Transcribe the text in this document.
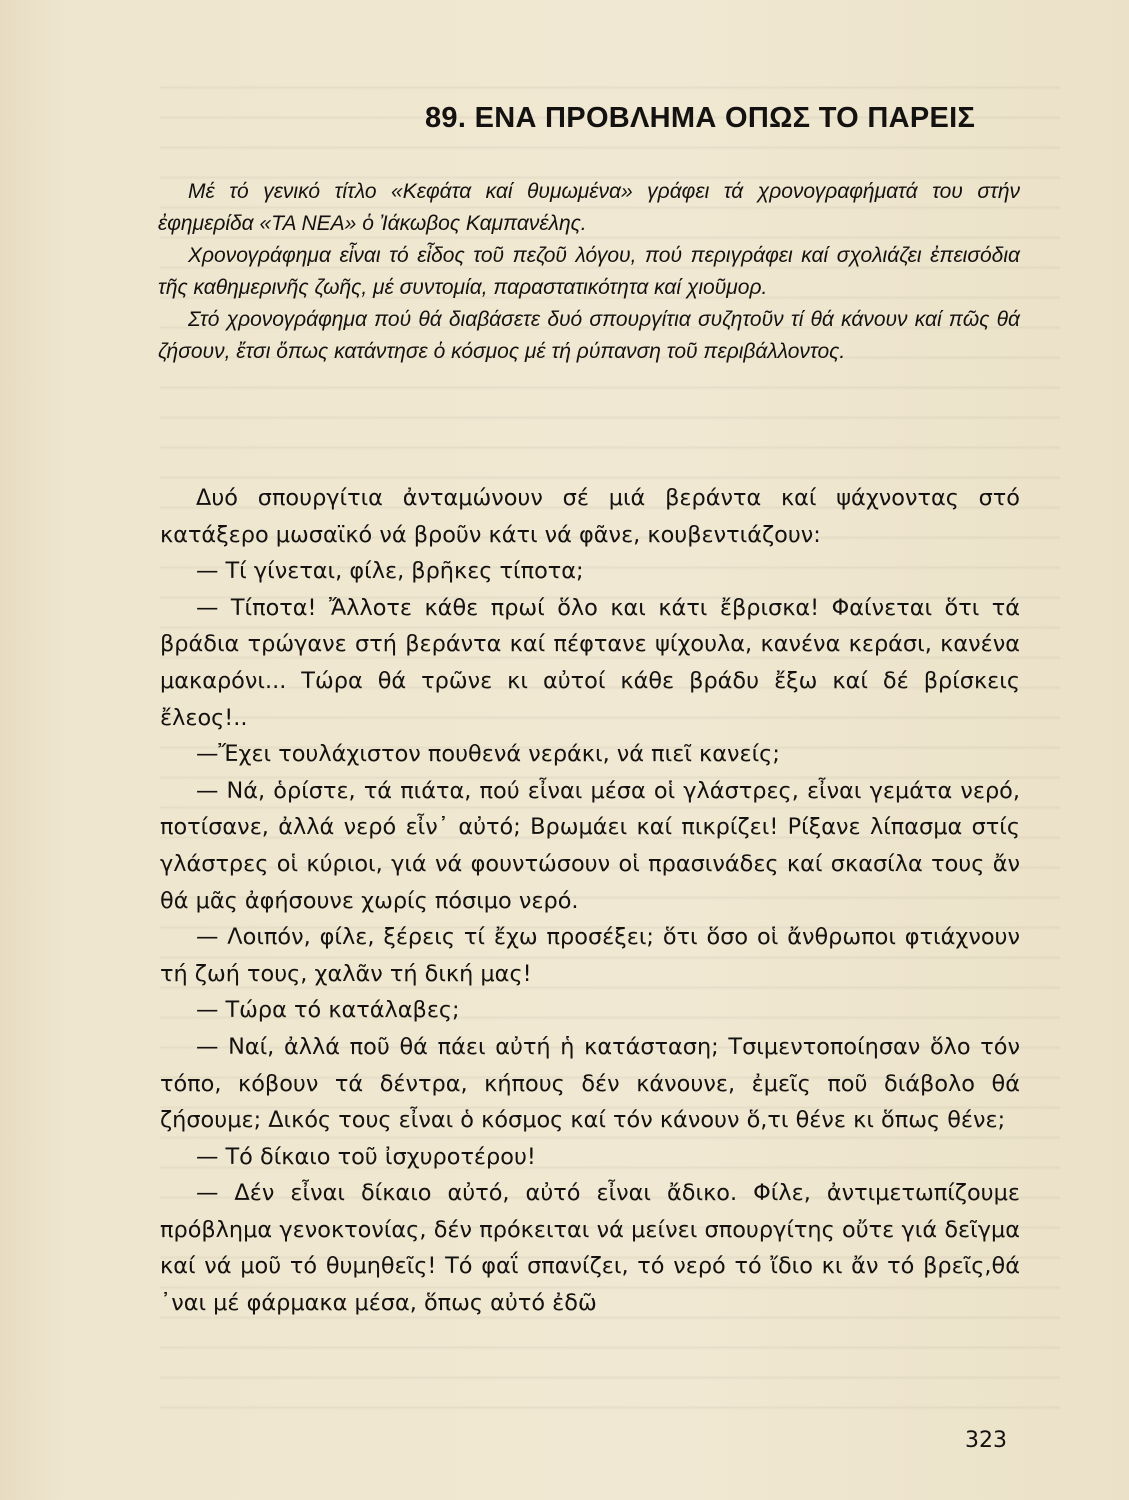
89. ΕΝΑ ΠΡΟΒΛΗΜΑ ΟΠΩΣ ΤΟ ΠΑΡΕΙΣ

Μέ τό γενικό τίτλο «Κεφάτα καί θυμωμένα» γράφει τά χρονογραφήματά του στήν ἐφημερίδα «ΤΑ ΝΕΑ» ὁ Ἰάκωβος Καμπανέλης.

Χρονογράφημα εἶναι τό εἶδος τοῦ πεζοῦ λόγου, πού περιγράφει καί σχολιάζει ἐπεισόδια τῆς καθημερινῆς ζωῆς, μέ συντομία, παραστατικότητα καί χιοῦμορ.

Στό χρονογράφημα πού θά διαβάσετε δυό σπουργίτια συζητοῦν τί θά κάνουν καί πῶς θά ζήσουν, ἔτσι ὅπως κατάντησε ὁ κόσμος μέ τή ρύπανση τοῦ περιβάλλοντος.

Δυό σπουργίτια ἀνταμώνουν σέ μιά βεράντα καί ψάχνοντας στό κατάξερο μωσαϊκό νά βροῦν κάτι νά φᾶνε, κουβεντιάζουν:

— Τί γίνεται, φίλε, βρῆκες τίποτα;

— Τίποτα! Ἄλλοτε κάθε πρωί ὅλο και κάτι ἔβρισκα! Φαίνεται ὅτι τά βράδια τρώγανε στή βεράντα καί πέφτανε ψίχουλα, κανένα κεράσι, κανένα μακαρόνι... Τώρα θά τρῶνε κι αὐτοί κάθε βράδυ ἔξω καί δέ βρίσκεις ἔλεος!..

—Ἔχει τουλάχιστον πουθενά νεράκι, νά πιεῖ κανείς;

— Νά, ὁρίστε, τά πιάτα, πού εἶναι μέσα οἱ γλάστρες, εἶναι γεμάτα νερό, ποτίσανε, ἀλλά νερό εἶν᾽ αὐτό; Βρωμάει καί πικρίζει! Ρίξανε λίπασμα στίς γλάστρες οἱ κύριοι, γιά νά φουντώσουν οἱ πρασινάδες καί σκασίλα τους ἄν θά μᾶς ἀφήσουνε χωρίς πόσιμο νερό.

— Λοιπόν, φίλε, ξέρεις τί ἔχω προσέξει; ὅτι ὅσο οἱ ἄνθρωποι φτιάχνουν τή ζωή τους, χαλᾶν τή δική μας!

— Τώρα τό κατάλαβες;

— Ναί, ἀλλά ποῦ θά πάει αὐτή ἡ κατάσταση; Τσιμεντοποίησαν ὅλο τόν τόπο, κόβουν τά δέντρα, κήπους δέν κάνουνε, ἐμεῖς ποῦ διάβολο θά ζήσουμε; Δικός τους εἶναι ὁ κόσμος καί τόν κάνουν ὅ,τι θένε κι ὅπως θένε;

— Τό δίκαιο τοῦ ἰσχυροτέρου!

— Δέν εἶναι δίκαιο αὐτό, αὐτό εἶναι ἄδικο. Φίλε, ἀντιμετωπίζουμε πρόβλημα γενοκτονίας, δέν πρόκειται νά μείνει σπουργίτης οὔτε γιά δεῖγμα καί νά μοῦ τό θυμηθεῖς! Τό φαΐ σπανίζει, τό νερό τό ἴδιο κι ἄν τό βρεῖς,θά ᾽ναι μέ φάρμακα μέσα, ὅπως αὐτό ἐδῶ

323
